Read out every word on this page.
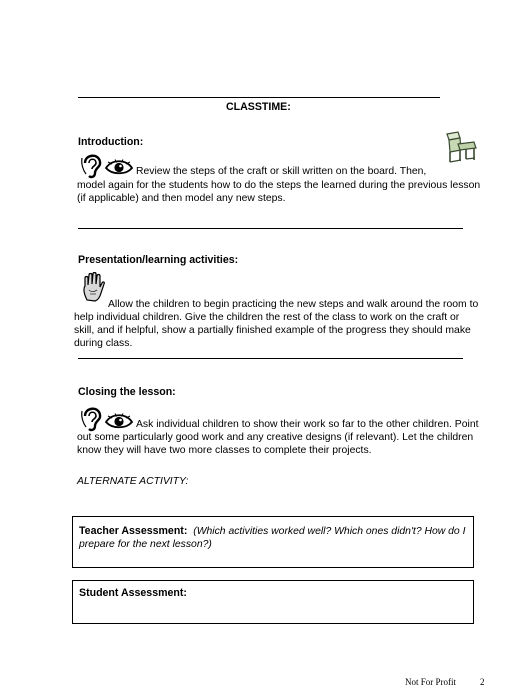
CLASSTIME:
Introduction:
Review the steps of the craft or skill written on the board. Then,
model again for the students how to do the steps the learned during the previous lesson
(if applicable) and then model any new steps.
Presentation/learning activities:
Allow the children to begin practicing the new steps and walk around the room to
help individual children. Give the children the rest of the class to work on the craft or
skill, and if helpful, show a partially finished example of the progress they should make
during class.
Closing the lesson:
Ask individual children to show their work so far to the other children. Point
out some particularly good work and any creative designs (if relevant). Let the children
know they will have two more classes to complete their projects.
ALTERNATE ACTIVITY:
Teacher Assessment: (Which activities worked well? Which ones didn't? How do I
prepare for the next lesson?)
Student Assessment:
Not For Profit	2
